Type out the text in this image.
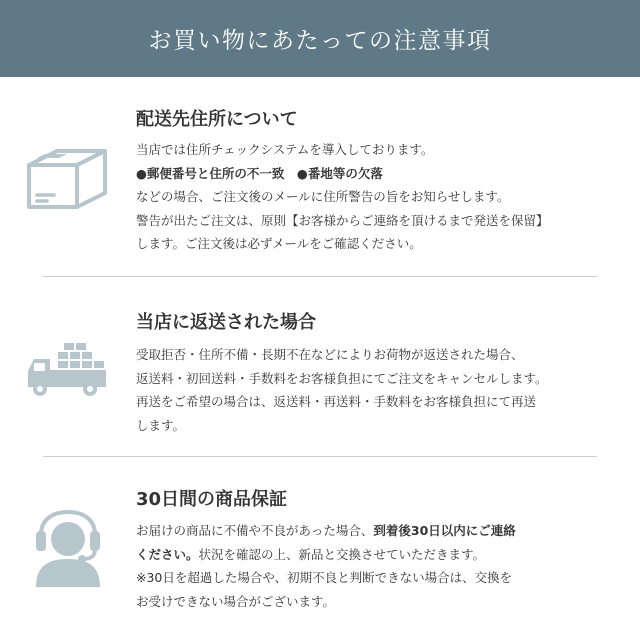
お買い物にあたっての注意事項
配送先住所について

当店では住所チェックシステムを導入しております。

●郵便番号と住所の不一致　●番地等の欠落

などの場合、ご注文後のメールに住所警告の旨をお知らせします。

警告が出たご注文は、原則【お客様からご連絡を頂けるまで発送を保留】

します。ご注文後は必ずメールをご確認ください。

当店に返送された場合

受取拒否・住所不備・長期不在などによりお荷物が返送された場合、

返送料・初回送料・手数料をお客様負担にてご注文をキャンセルします。

再送をご希望の場合は、返送料・再送料・手数料をお客様負担にて再送

します。

30日間の商品保証

お届けの商品に不備や不良があった場合、到着後30日以内にご連絡

ください。状況を確認の上、新品と交換させていただきます。

※30日を超過した場合や、初期不良と判断できない場合は、交換を

お受けできない場合がございます。
